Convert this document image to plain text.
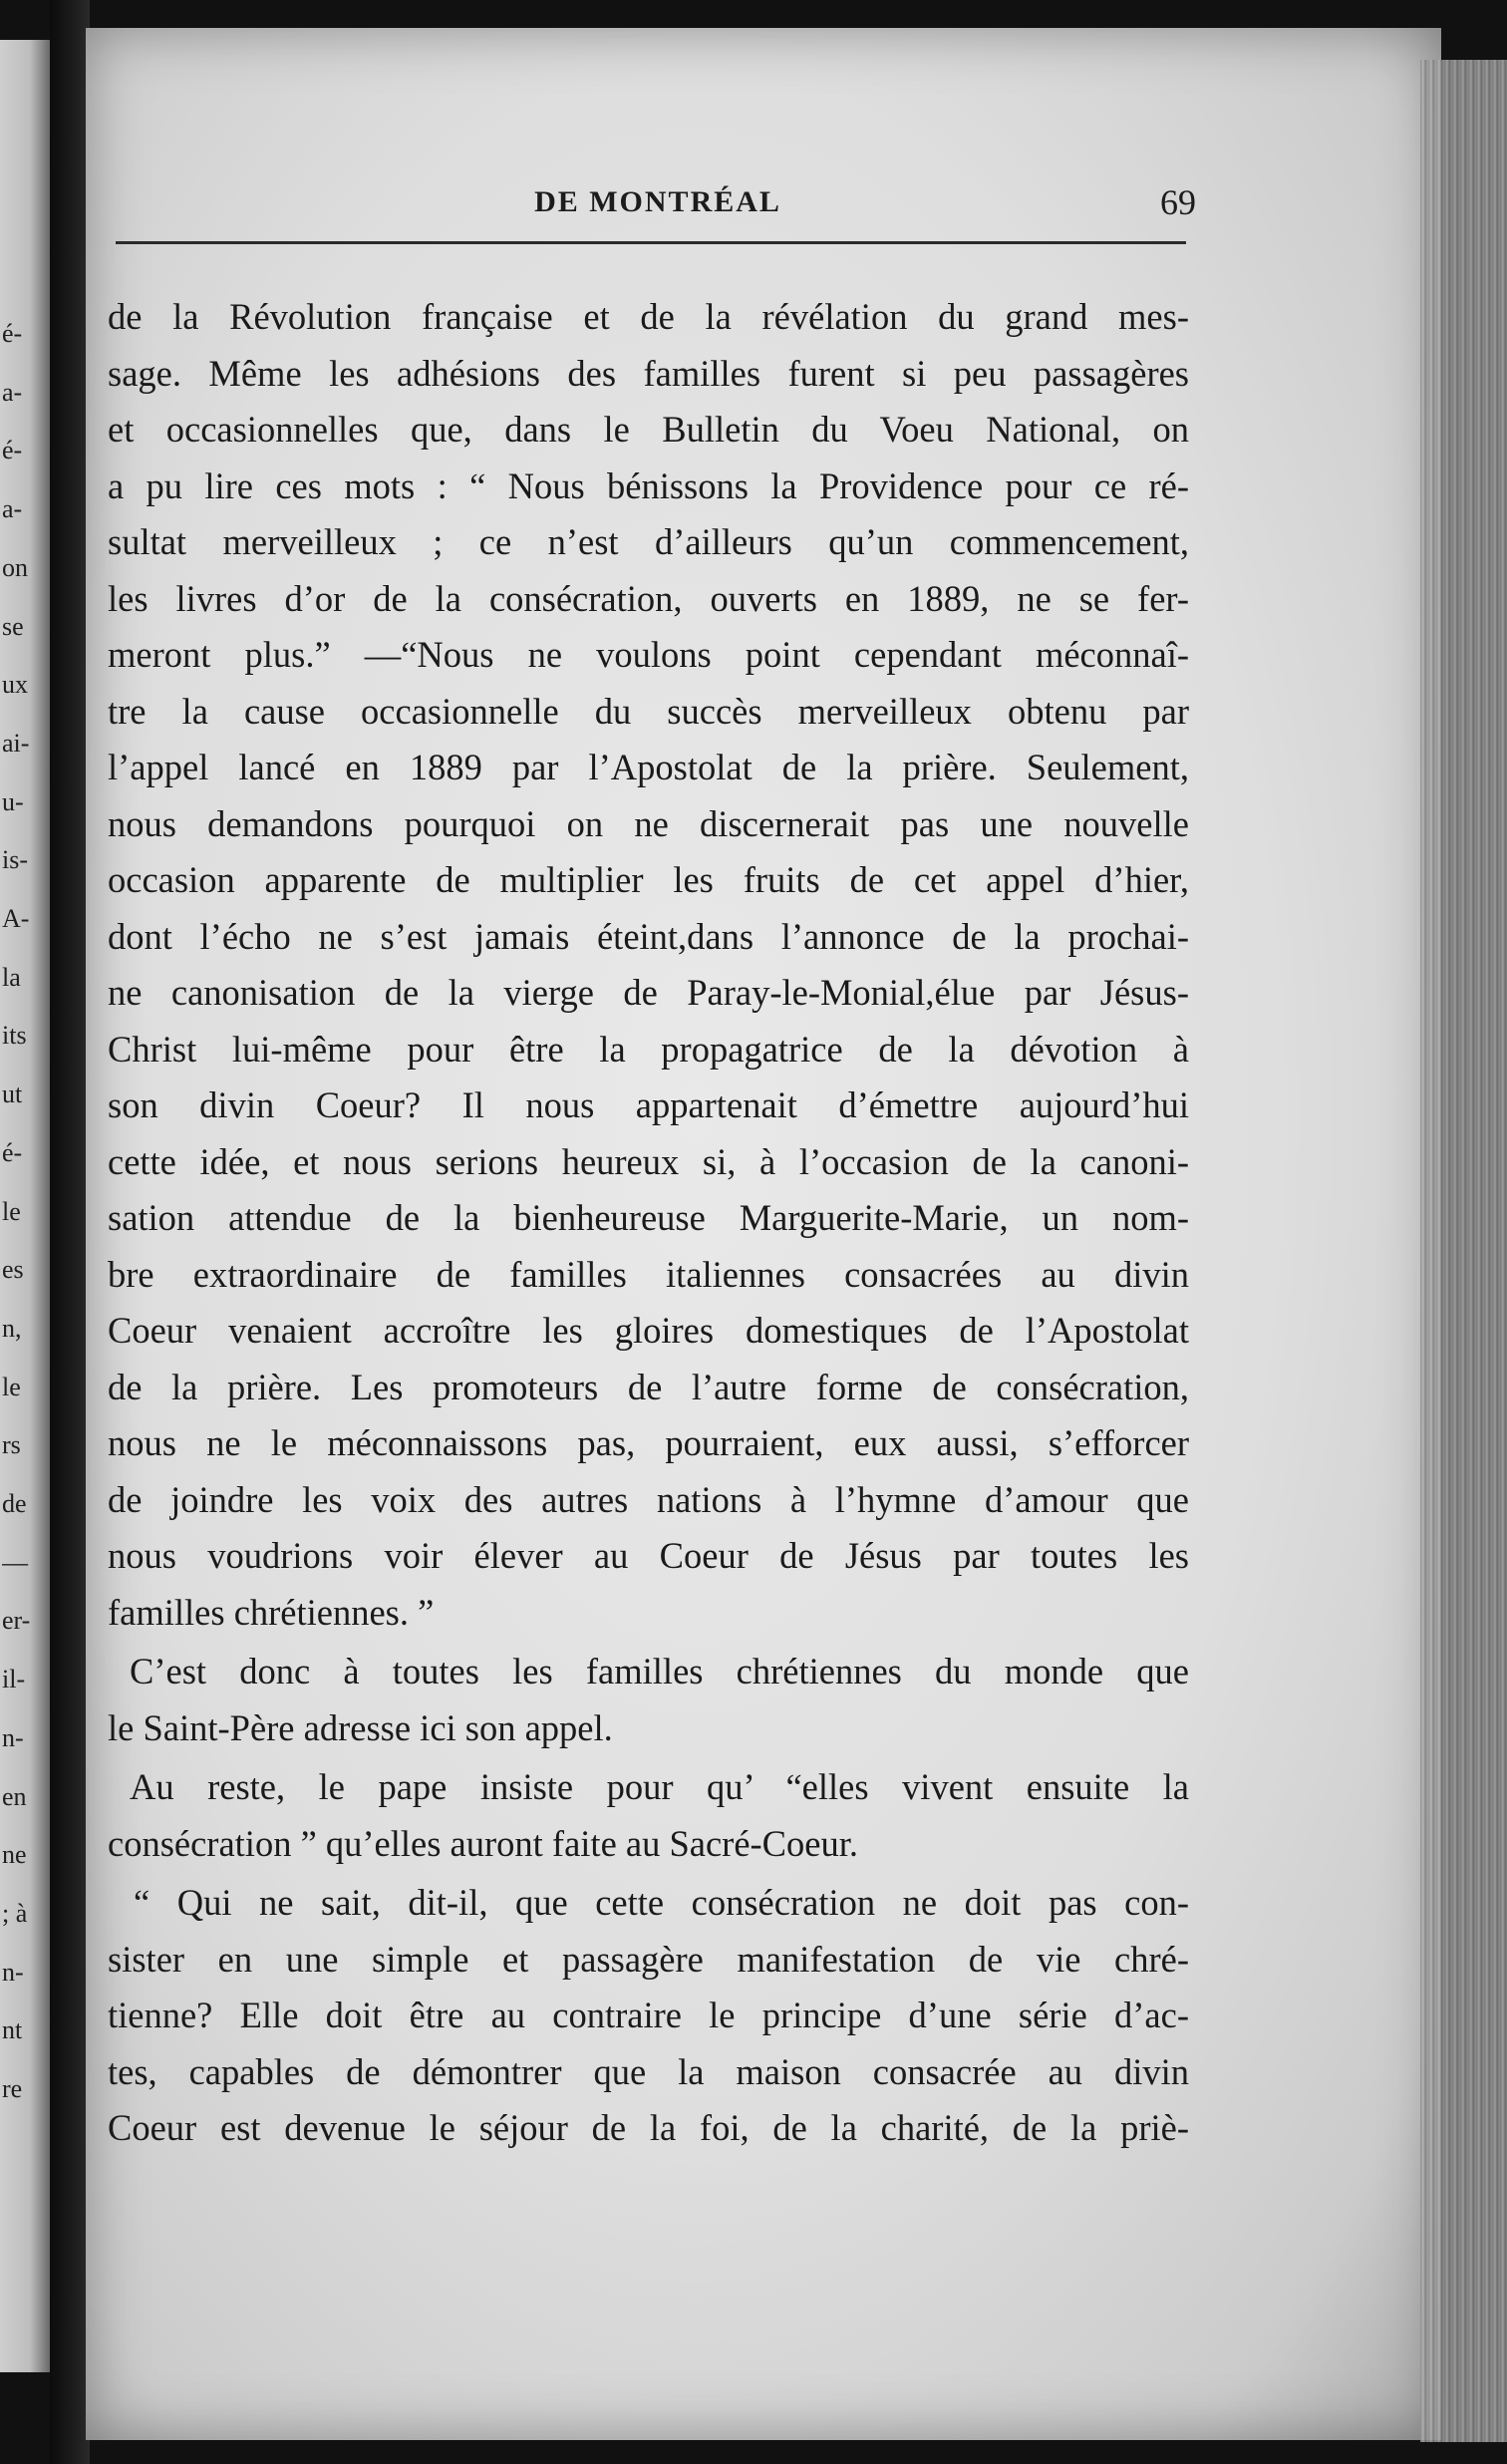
é-
a-
é-
a-
on
se
ux
ai-
u-
is-
A-
la
its
ut
é-
le
es
n,
le
rs
de
—
er-
il-
n-
en
ne
; à
n-
nt
re
DE MONTRÉAL	69
de la Révolution française et de la révélation du grand mes-
sage. Même les adhésions des familles furent si peu passagères
et occasionnelles que, dans le Bulletin du Voeu National, on
a pu lire ces mots : “ Nous bénissons la Providence pour ce ré-
sultat merveilleux ; ce n’est d’ailleurs qu’un commencement,
les livres d’or de la consécration, ouverts en 1889, ne se fer-
meront plus.” —“Nous ne voulons point cependant méconnaî-
tre la cause occasionnelle du succès merveilleux obtenu par
l’appel lancé en 1889 par l’Apostolat de la prière. Seulement,
nous demandons pourquoi on ne discernerait pas une nouvelle
occasion apparente de multiplier les fruits de cet appel d’hier,
dont l’écho ne s’est jamais éteint,dans l’annonce de la prochai-
ne canonisation de la vierge de Paray-le-Monial,élue par Jésus-
Christ lui-même pour être la propagatrice de la dévotion à
son divin Coeur? Il nous appartenait d’émettre aujourd’hui
cette idée, et nous serions heureux si, à l’occasion de la canoni-
sation attendue de la bienheureuse Marguerite-Marie, un nom-
bre extraordinaire de familles italiennes consacrées au divin
Coeur venaient accroître les gloires domestiques de l’Apostolat
de la prière. Les promoteurs de l’autre forme de consécration,
nous ne le méconnaissons pas, pourraient, eux aussi, s’efforcer
de joindre les voix des autres nations à l’hymne d’amour que
nous voudrions voir élever au Coeur de Jésus par toutes les
familles chrétiennes. ”
C’est donc à toutes les familles chrétiennes du monde que
le Saint-Père adresse ici son appel.
Au reste, le pape insiste pour qu’ “elles vivent ensuite la
consécration ” qu’elles auront faite au Sacré-Coeur.
“ Qui ne sait, dit-il, que cette consécration ne doit pas con-
sister en une simple et passagère manifestation de vie chré-
tienne? Elle doit être au contraire le principe d’une série d’ac-
tes, capables de démontrer que la maison consacrée au divin
Coeur est devenue le séjour de la foi, de la charité, de la priè-
